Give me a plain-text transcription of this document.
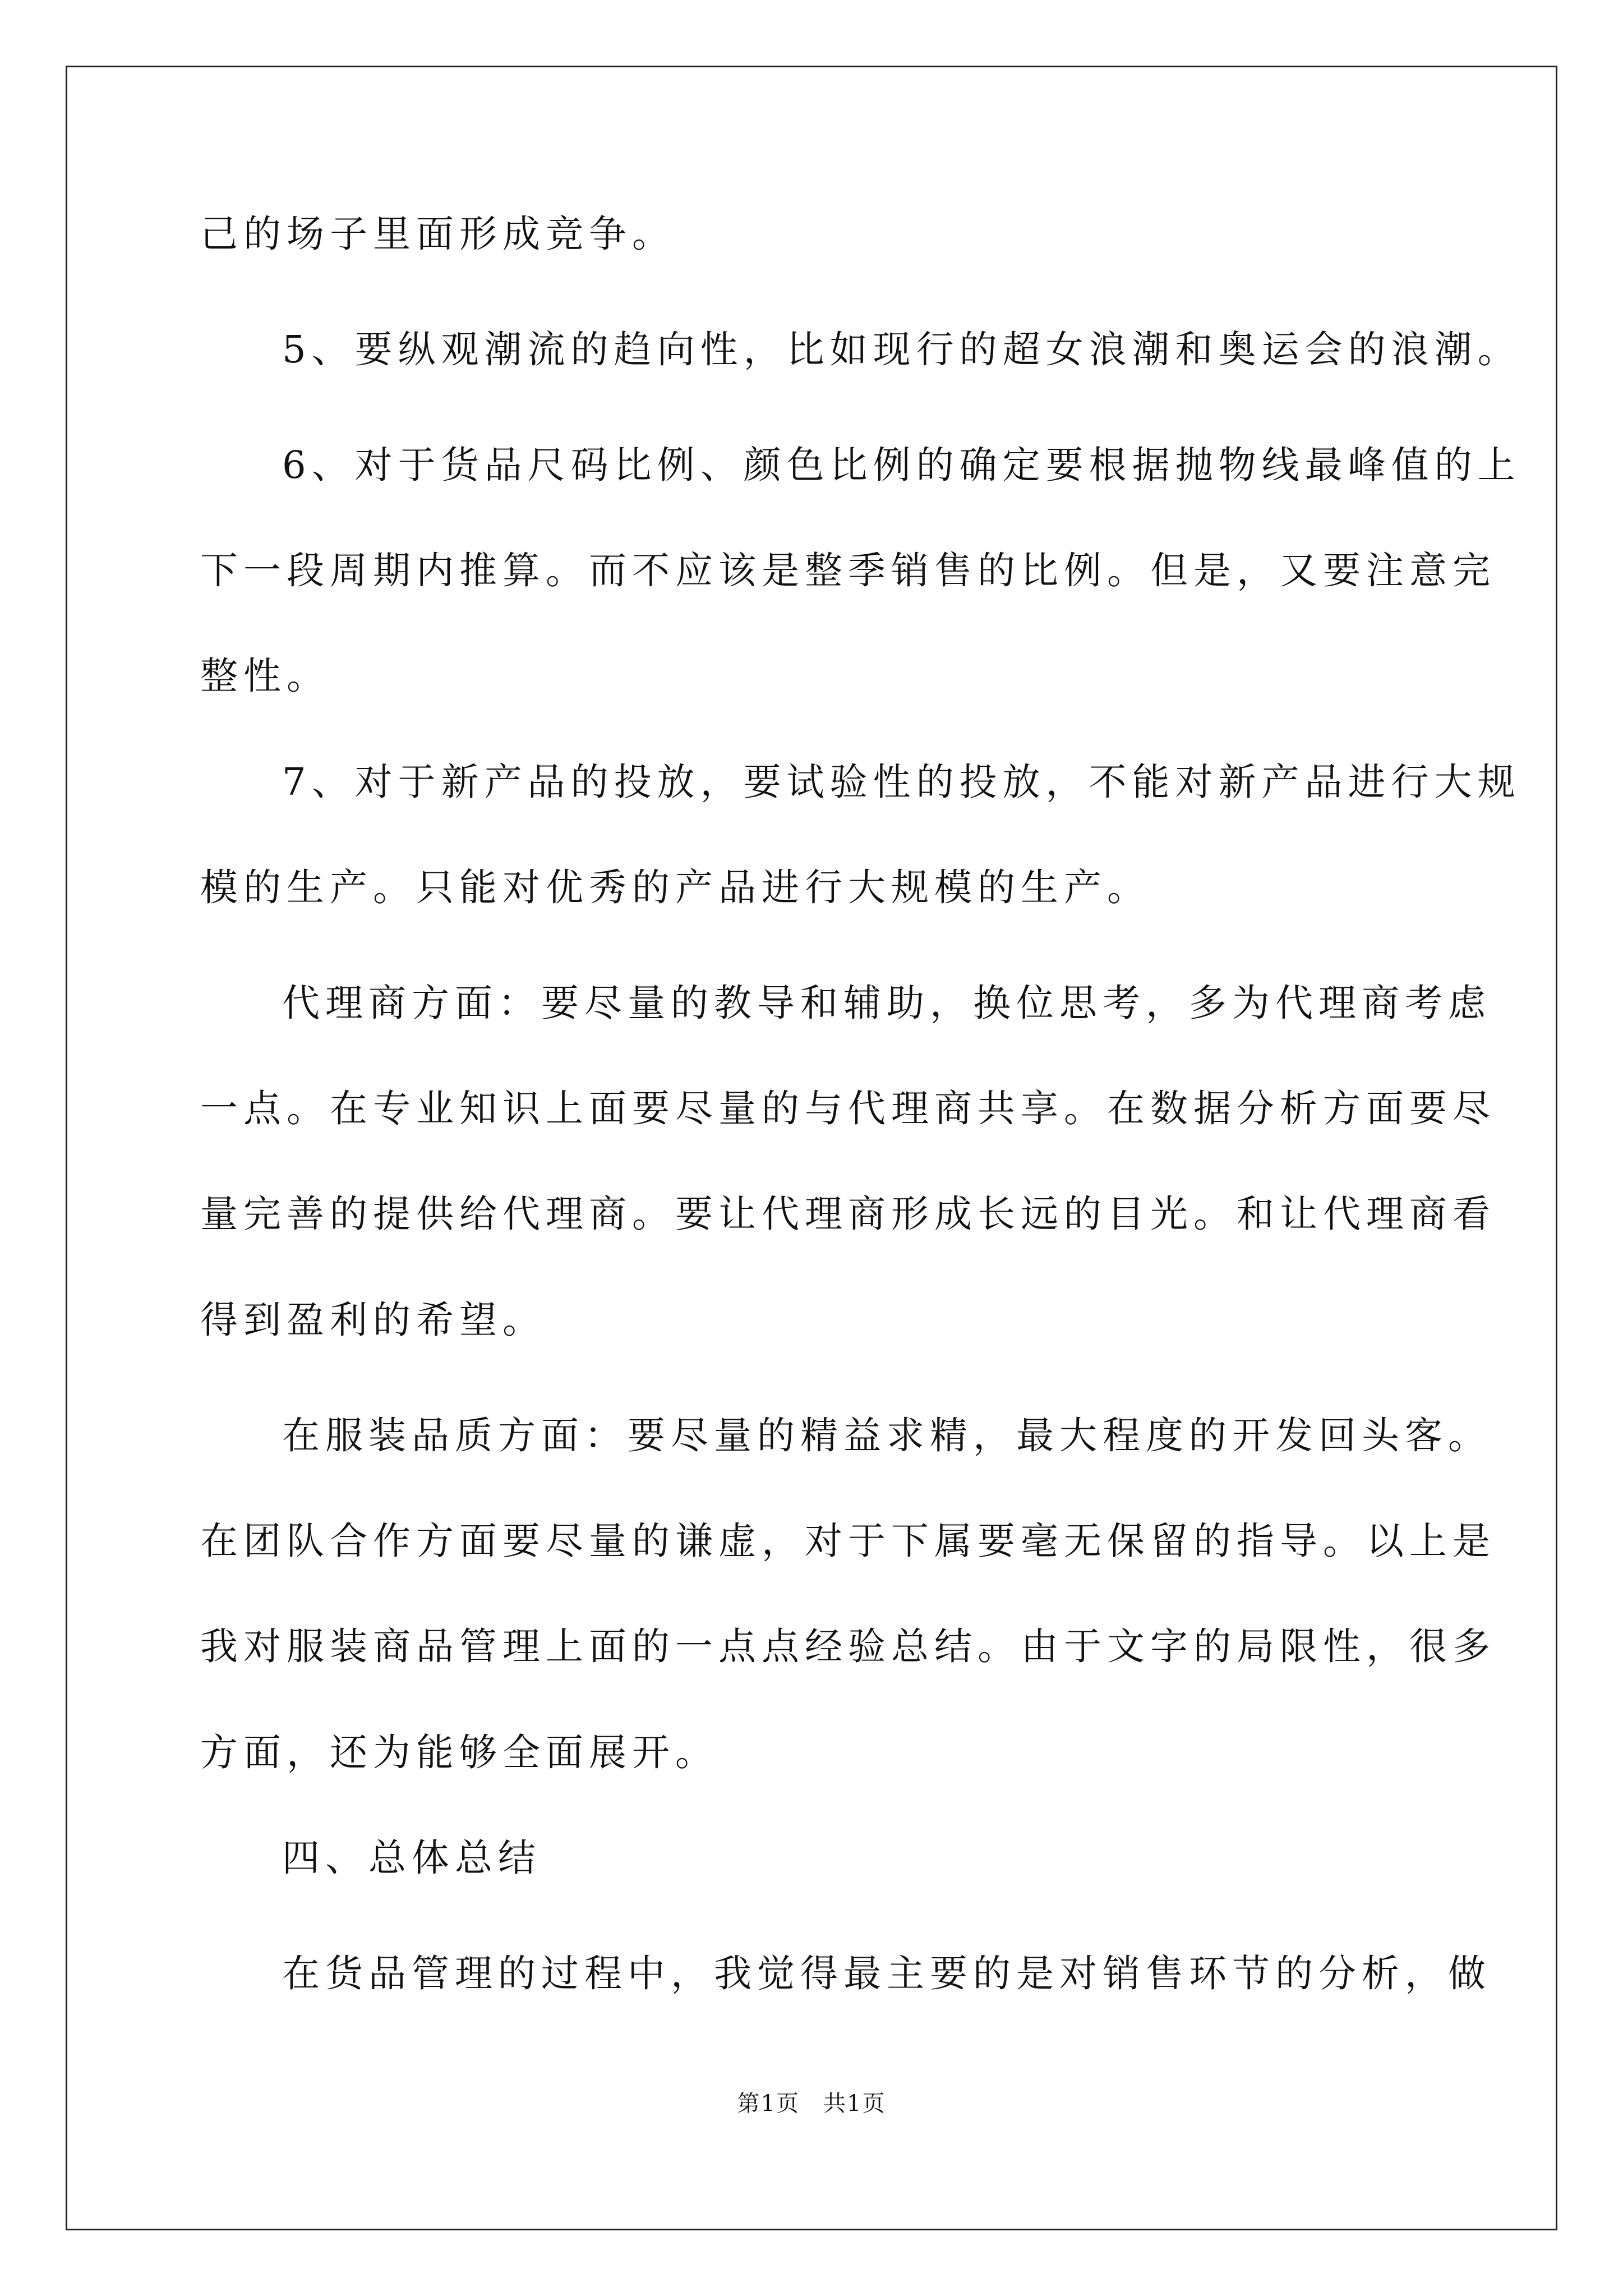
己的场子里面形成竞争。
5、要纵观潮流的趋向性，比如现行的超女浪潮和奥运会的浪潮。
6、对于货品尺码比例、颜色比例的确定要根据抛物线最峰值的上
下一段周期内推算。而不应该是整季销售的比例。但是，又要注意完
整性。
7、对于新产品的投放，要试验性的投放，不能对新产品进行大规
模的生产。只能对优秀的产品进行大规模的生产。
代理商方面：要尽量的教导和辅助，换位思考，多为代理商考虑
一点。在专业知识上面要尽量的与代理商共享。在数据分析方面要尽
量完善的提供给代理商。要让代理商形成长远的目光。和让代理商看
得到盈利的希望。
在服装品质方面：要尽量的精益求精，最大程度的开发回头客。
在团队合作方面要尽量的谦虚，对于下属要毫无保留的指导。以上是
我对服装商品管理上面的一点点经验总结。由于文字的局限性，很多
方面，还为能够全面展开。
四、总体总结
在货品管理的过程中，我觉得最主要的是对销售环节的分析，做
第1页　共1页
